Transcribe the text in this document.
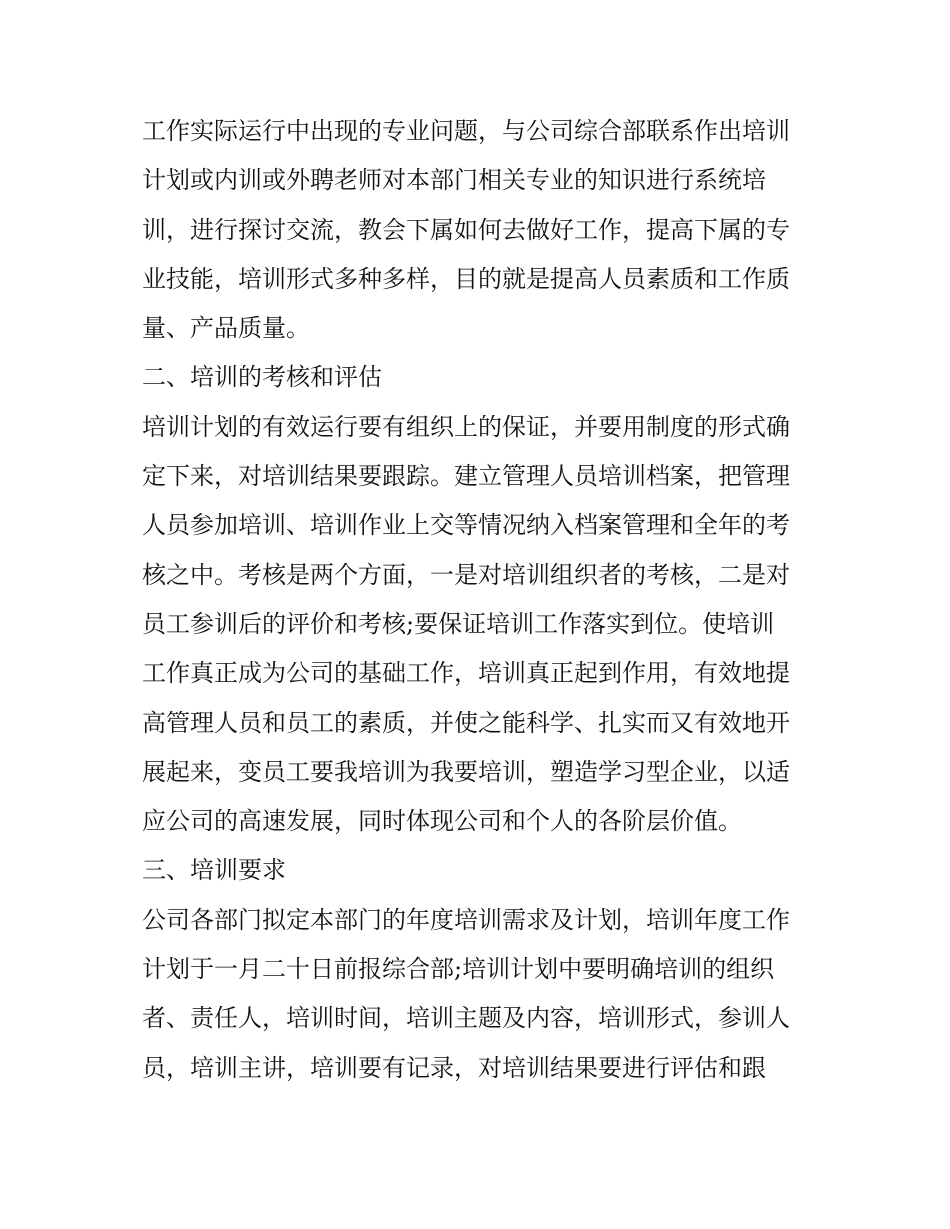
工作实际运行中出现的专业问题，与公司综合部联系作出培训
计划或内训或外聘老师对本部门相关专业的知识进行系统培
训，进行探讨交流，教会下属如何去做好工作，提高下属的专
业技能，培训形式多种多样，目的就是提高人员素质和工作质
量、产品质量。
二、培训的考核和评估
培训计划的有效运行要有组织上的保证，并要用制度的形式确
定下来，对培训结果要跟踪。建立管理人员培训档案，把管理
人员参加培训、培训作业上交等情况纳入档案管理和全年的考
核之中。考核是两个方面，一是对培训组织者的考核，二是对
员工参训后的评价和考核;要保证培训工作落实到位。使培训
工作真正成为公司的基础工作，培训真正起到作用，有效地提
高管理人员和员工的素质，并使之能科学、扎实而又有效地开
展起来，变员工要我培训为我要培训，塑造学习型企业，以适
应公司的高速发展，同时体现公司和个人的各阶层价值。
三、培训要求
公司各部门拟定本部门的年度培训需求及计划，培训年度工作
计划于一月二十日前报综合部;培训计划中要明确培训的组织
者、责任人，培训时间，培训主题及内容，培训形式，参训人
员，培训主讲，培训要有记录，对培训结果要进行评估和跟
